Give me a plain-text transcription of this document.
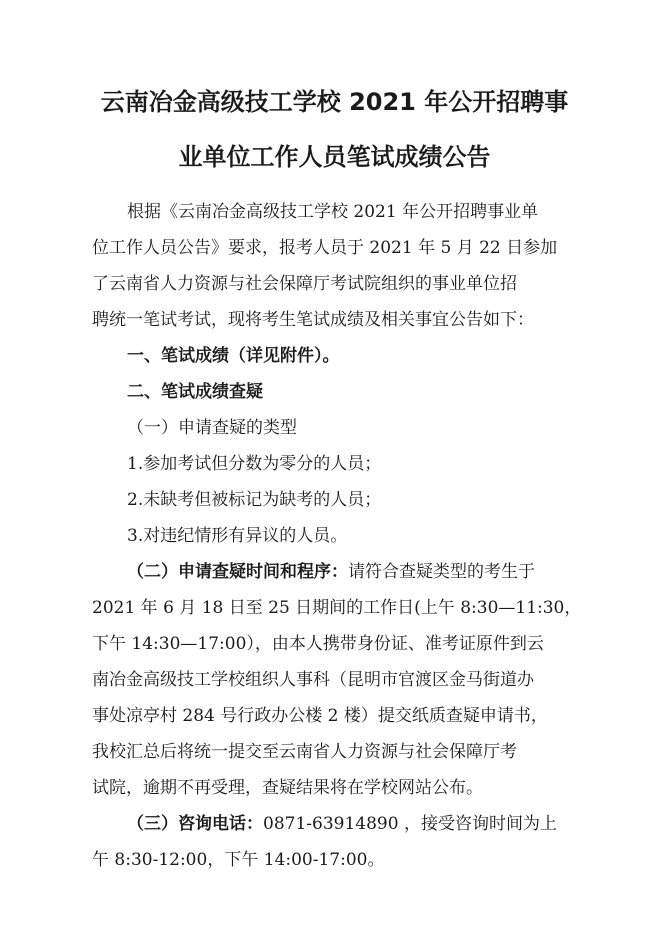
云南冶金高级技工学校 2021 年公开招聘事
业单位工作人员笔试成绩公告
根据《云南冶金高级技工学校 2021 年公开招聘事业单
位工作人员公告》要求，报考人员于 2021 年 5 月 22 日参加
了云南省人力资源与社会保障厅考试院组织的事业单位招
聘统一笔试考试，现将考生笔试成绩及相关事宜公告如下：
一、笔试成绩（详见附件）。
二、笔试成绩查疑
（一）申请查疑的类型
1.参加考试但分数为零分的人员；
2.未缺考但被标记为缺考的人员；
3.对违纪情形有异议的人员。
（二）申请查疑时间和程序：请符合查疑类型的考生于
2021 年 6 月 18 日至 25 日期间的工作日(上午 8:30—11:30，
下午 14:30—17:00），由本人携带身份证、准考证原件到云
南冶金高级技工学校组织人事科（昆明市官渡区金马街道办
事处凉亭村 284 号行政办公楼 2 楼）提交纸质查疑申请书，
我校汇总后将统一提交至云南省人力资源与社会保障厅考
试院，逾期不再受理，查疑结果将在学校网站公布。
（三）咨询电话：0871-63914890 ，接受咨询时间为上
午 8:30-12:00，下午 14:00-17:00。
